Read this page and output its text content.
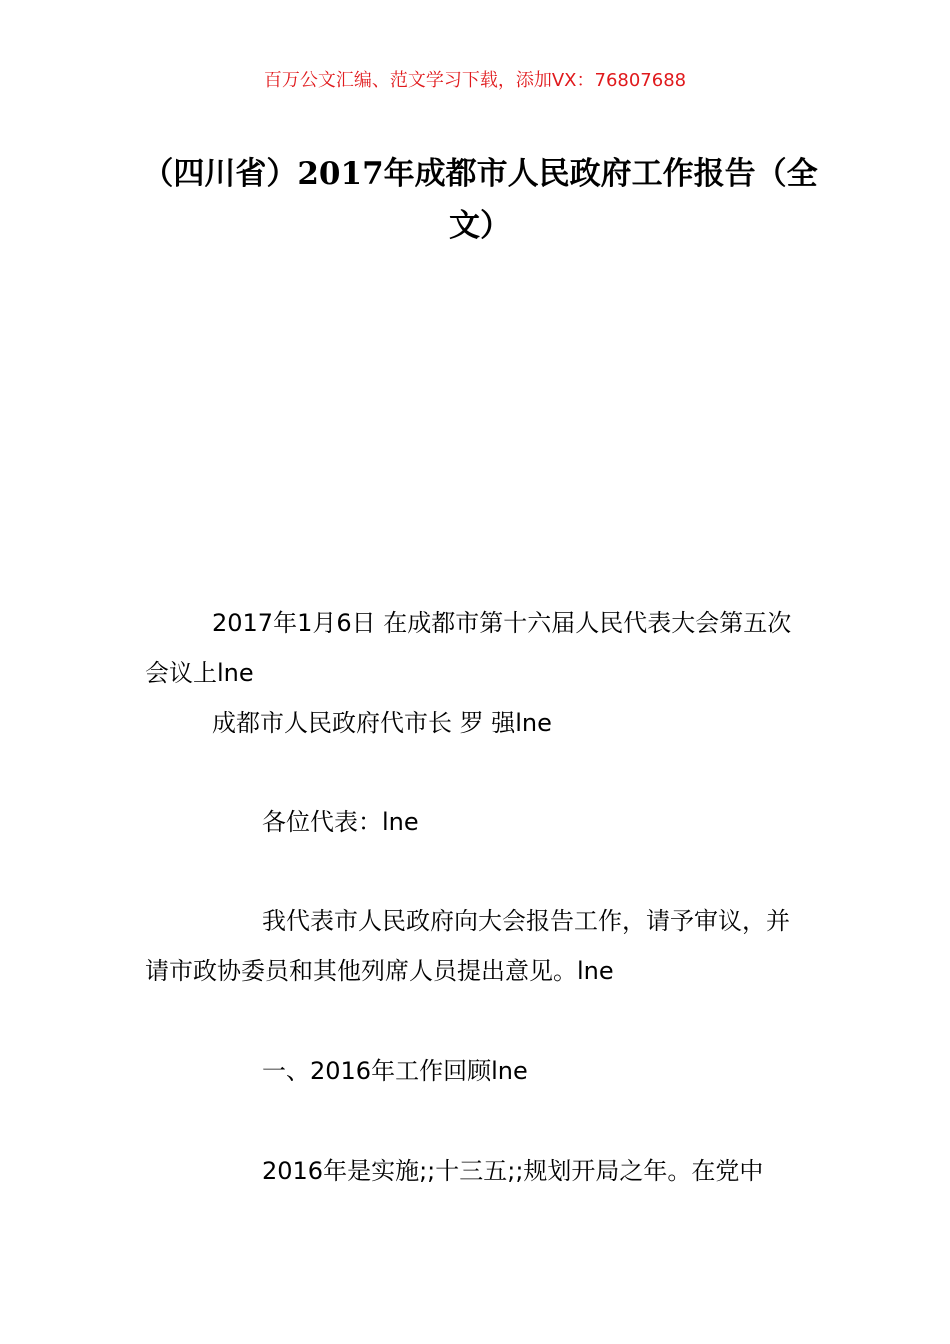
百万公文汇编、范文学习下载，添加VX：76807688
（四川省）2017年成都市人民政府工作报告（全文）

2017年1月6日 在成都市第十六届人民代表大会第五次会议上lne

成都市人民政府代市长 罗 强lne

各位代表：lne

我代表市人民政府向大会报告工作，请予审议，并请市政协委员和其他列席人员提出意见。lne

一、2016年工作回顾lne

2016年是实施;;十三五;;规划开局之年。在党中
